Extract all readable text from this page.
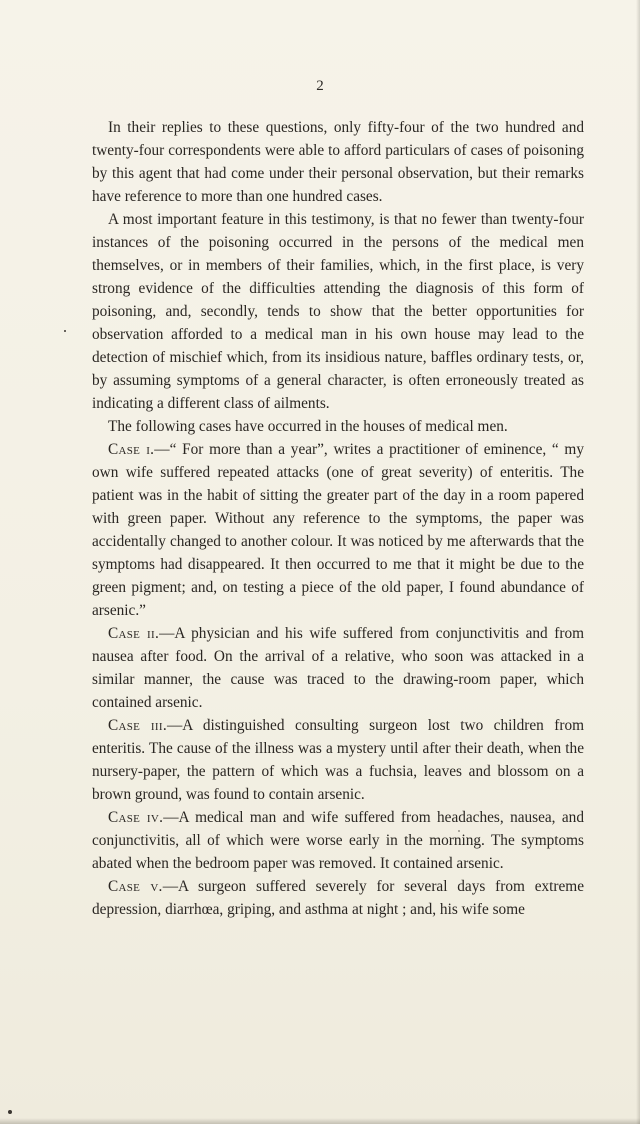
2

In their replies to these questions, only fifty-four of the two hundred and twenty-four correspondents were able to afford particulars of cases of poisoning by this agent that had come under their personal observation, but their remarks have reference to more than one hundred cases.

A most important feature in this testimony, is that no fewer than twenty-four instances of the poisoning occurred in the persons of the medical men themselves, or in members of their families, which, in the first place, is very strong evidence of the difficulties attending the diagnosis of this form of poisoning, and, secondly, tends to show that the better opportunities for observation afforded to a medical man in his own house may lead to the detection of mischief which, from its insidious nature, baffles ordinary tests, or, by assuming symptoms of a general character, is often erroneously treated as indicating a different class of ailments.

The following cases have occurred in the houses of medical men.

Case i.—“ For more than a year”, writes a practitioner of eminence, “ my own wife suffered repeated attacks (one of great severity) of enteritis. The patient was in the habit of sitting the greater part of the day in a room papered with green paper. Without any reference to the symptoms, the paper was accidentally changed to another colour. It was noticed by me afterwards that the symptoms had disappeared. It then occurred to me that it might be due to the green pigment; and, on testing a piece of the old paper, I found abundance of arsenic.”

Case ii.—A physician and his wife suffered from conjunctivitis and from nausea after food. On the arrival of a relative, who soon was attacked in a similar manner, the cause was traced to the drawing-room paper, which contained arsenic.

Case iii.—A distinguished consulting surgeon lost two children from enteritis. The cause of the illness was a mystery until after their death, when the nursery-paper, the pattern of which was a fuchsia, leaves and blossom on a brown ground, was found to contain arsenic.

Case iv.—A medical man and wife suffered from headaches, nausea, and conjunctivitis, all of which were worse early in the morning. The symptoms abated when the bedroom paper was removed. It contained arsenic.

Case v.—A surgeon suffered severely for several days from extreme depression, diarrhœa, griping, and asthma at night ; and, his wife some
